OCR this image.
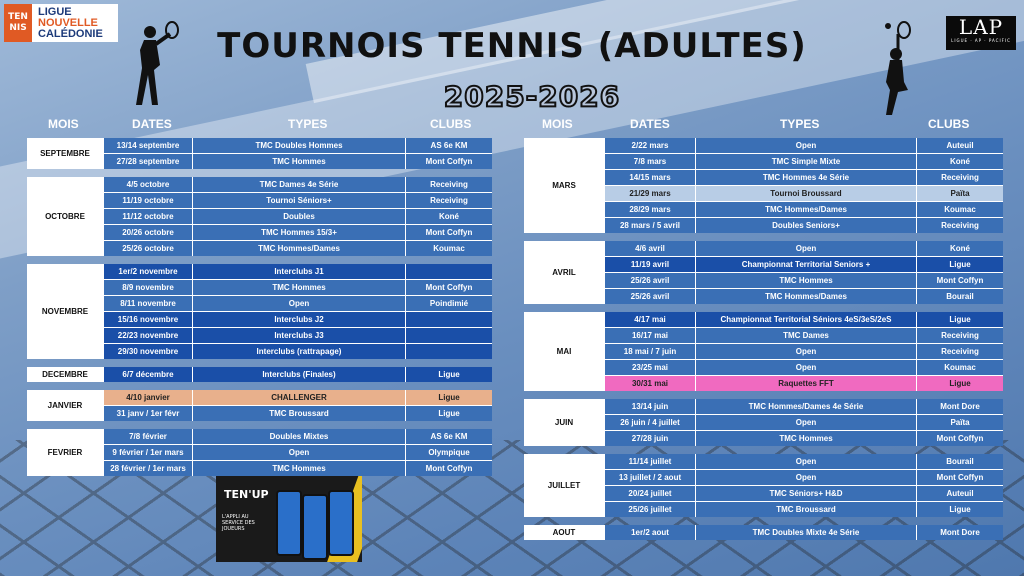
TEN
NIS
LIGUE
NOUVELLE
CALÉDONIE	LAP
LIGUE · AP · PACIFIC
TOURNOIS TENNIS (ADULTES)
2025-2026
MOIS	DATES	TYPES	CLUBS	MOIS	DATES	TYPES	CLUBS
SEPTEMBRE
13/14 septembre	TMC Doubles Hommes	AS 6e KM
27/28 septembre	TMC Hommes	Mont Coffyn
OCTOBRE
4/5 octobre	TMC Dames 4e Série	Receiving
11/19 octobre	Tournoi Séniors+	Receiving
11/12 octobre	Doubles	Koné
20/26 octobre	TMC Hommes 15/3+	Mont Coffyn
25/26 octobre	TMC Hommes/Dames	Koumac
NOVEMBRE
1er/2 novembre	Interclubs J1
8/9 novembre	TMC Hommes	Mont Coffyn
8/11 novembre	Open	Poindimié
15/16 novembre	Interclubs J2
22/23 novembre	Interclubs J3
29/30 novembre	Interclubs (rattrapage)
DECEMBRE	6/7 décembre	Interclubs (Finales)	Ligue
JANVIER
4/10 janvier	CHALLENGER	Ligue
31 janv / 1er févr	TMC Broussard	Ligue
FEVRIER
7/8 février	Doubles Mixtes	AS 6e KM
9 février / 1er mars	Open	Olympique
28 février / 1er mars	TMC Hommes	Mont Coffyn
MARS
2/22 mars	Open	Auteuil
7/8 mars	TMC Simple Mixte	Koné
14/15 mars	TMC Hommes 4e Série	Receiving
21/29 mars	Tournoi Broussard	Païta
28/29 mars	TMC Hommes/Dames	Koumac
28 mars / 5 avril	Doubles Seniors+	Receiving
AVRIL
4/6 avril	Open	Koné
11/19 avril	Championnat Territorial Seniors +	Ligue
25/26 avril	TMC Hommes	Mont Coffyn
25/26 avril	TMC Hommes/Dames	Bourail
MAI
4/17 mai	Championnat Territorial Séniors 4eS/3eS/2eS	Ligue
16/17 mai	TMC Dames	Receiving
18 mai / 7 juin	Open	Receiving
23/25 mai	Open	Koumac
30/31 mai	Raquettes FFT	Ligue
JUIN
13/14 juin	TMC Hommes/Dames 4e Série	Mont Dore
26 juin / 4 juillet	Open	Païta
27/28 juin	TMC Hommes	Mont Coffyn
JUILLET
11/14 juillet	Open	Bourail
13 juillet / 2 aout	Open	Mont Coffyn
20/24 juillet	TMC Séniors+ H&D	Auteuil
25/26 juillet	TMC Broussard	Ligue
AOUT	1er/2 aout	TMC Doubles Mixte 4e Série	Mont Dore
TEN'UP
L'APPLI AU SERVICE DES JOUEURS
